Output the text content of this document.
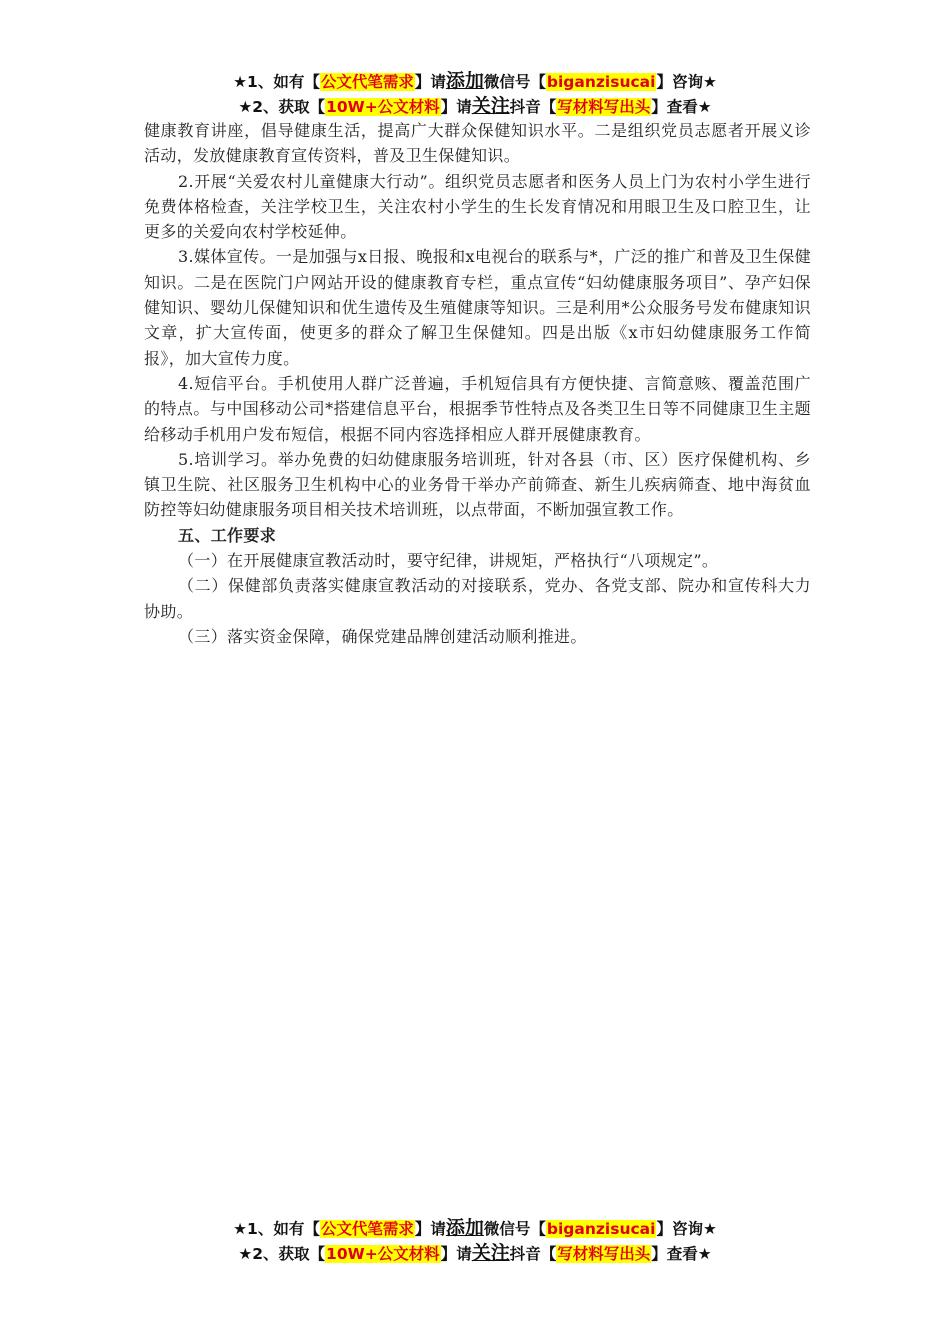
★1、如有【公文代笔需求】请添加微信号【biganzisucai】咨询★
★2、获取【10W+公文材料】请关注抖音【写材料写出头】查看★

健康教育讲座，倡导健康生活，提高广大群众保健知识水平。二是组织党员志愿者开展义诊活动，发放健康教育宣传资料，普及卫生保健知识。

2.开展“关爱农村儿童健康大行动”。组织党员志愿者和医务人员上门为农村小学生进行免费体格检查，关注学校卫生，关注农村小学生的生长发育情况和用眼卫生及口腔卫生，让更多的关爱向农村学校延伸。

3.媒体宣传。一是加强与x日报、晚报和x电视台的联系与*，广泛的推广和普及卫生保健知识。二是在医院门户网站开设的健康教育专栏，重点宣传“妇幼健康服务项目”、孕产妇保健知识、婴幼儿保健知识和优生遗传及生殖健康等知识。三是利用*公众服务号发布健康知识文章，扩大宣传面，使更多的群众了解卫生保健知。四是出版《x市妇幼健康服务工作简报》，加大宣传力度。

4.短信平台。手机使用人群广泛普遍，手机短信具有方便快捷、言简意赅、覆盖范围广的特点。与中国移动公司*搭建信息平台，根据季节性特点及各类卫生日等不同健康卫生主题给移动手机用户发布短信，根据不同内容选择相应人群开展健康教育。

5.培训学习。举办免费的妇幼健康服务培训班，针对各县（市、区）医疗保健机构、乡镇卫生院、社区服务卫生机构中心的业务骨干举办产前筛查、新生儿疾病筛查、地中海贫血防控等妇幼健康服务项目相关技术培训班，以点带面，不断加强宣教工作。

五、工作要求

（一）在开展健康宣教活动时，要守纪律，讲规矩，严格执行“八项规定”。

（二）保健部负责落实健康宣教活动的对接联系，党办、各党支部、院办和宣传科大力协助。

（三）落实资金保障，确保党建品牌创建活动顺利推进。

★1、如有【公文代笔需求】请添加微信号【biganzisucai】咨询★
★2、获取【10W+公文材料】请关注抖音【写材料写出头】查看★
